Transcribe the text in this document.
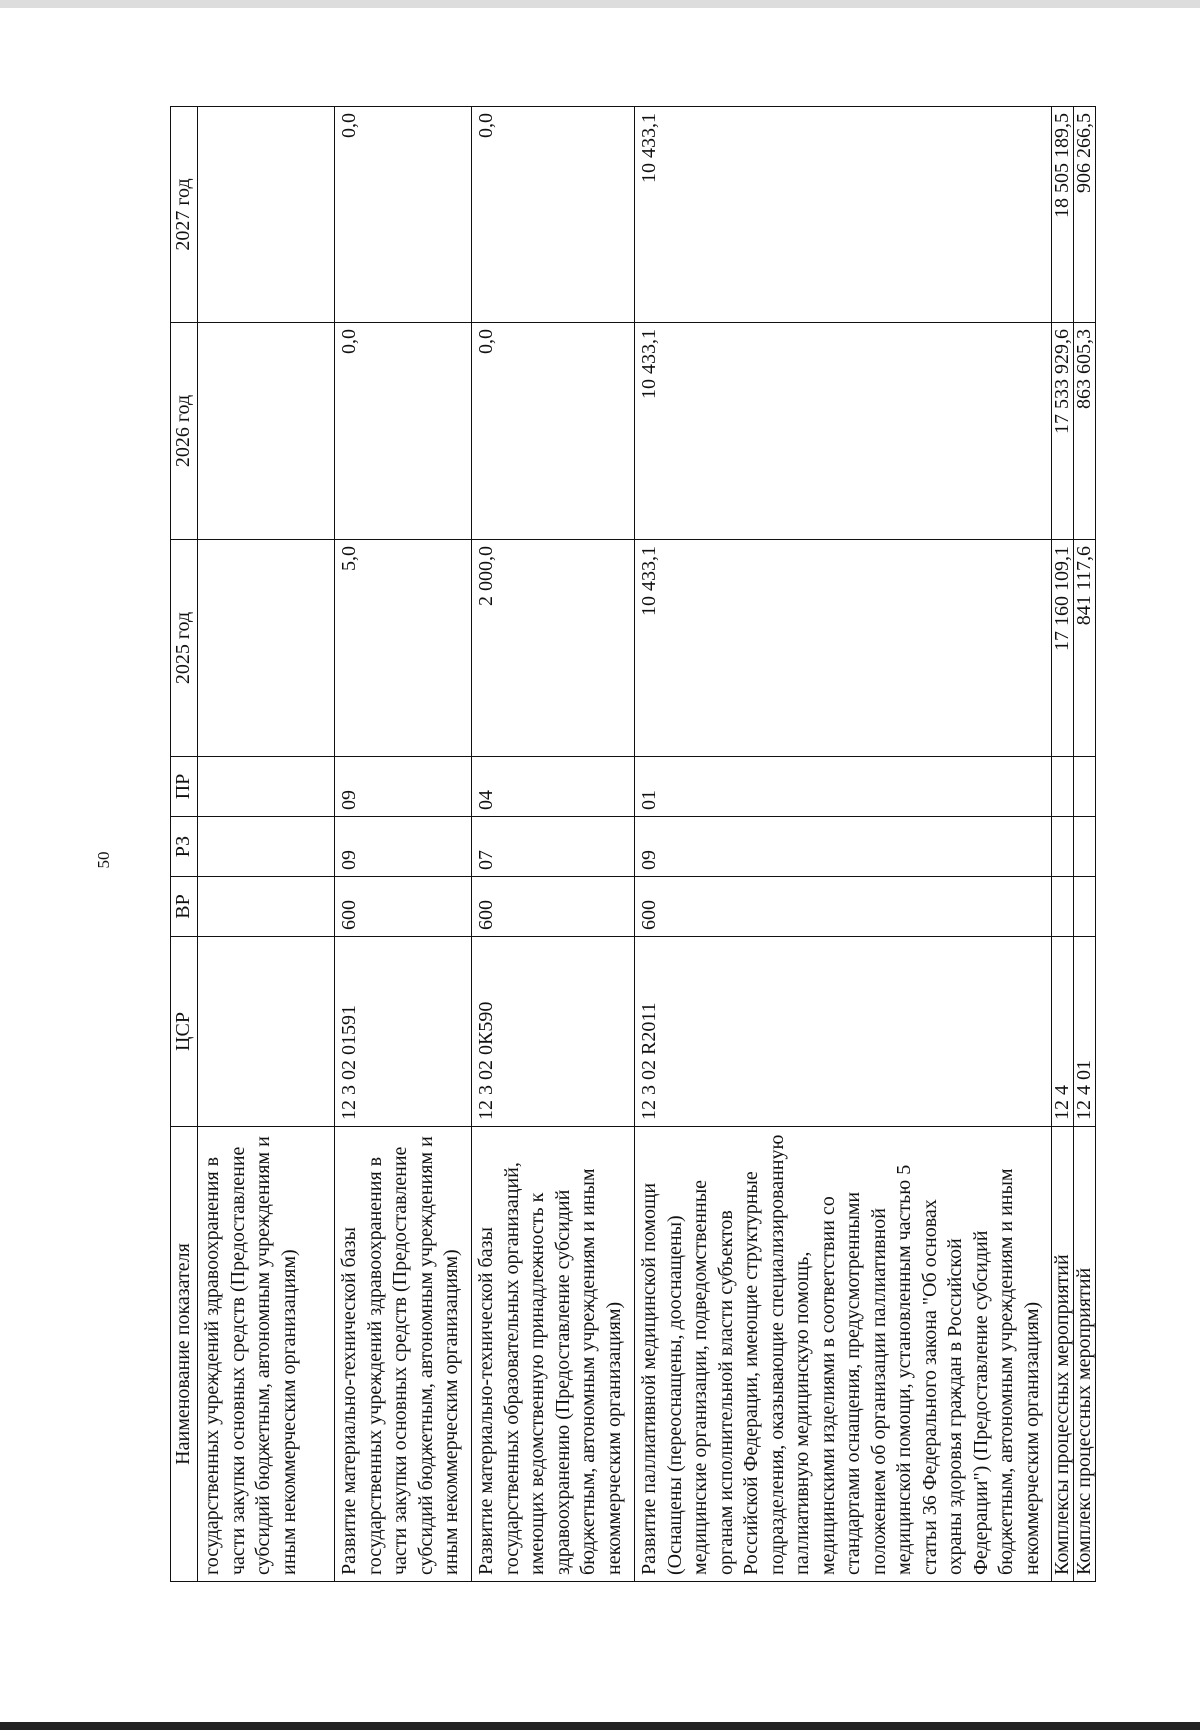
50
Наименование показателя	ЦСР	ВР	РЗ	ПР	2025 год	2026 год	2027 год
государственных учреждений здравоохранения в части закупки основных средств (Предоставление субсидий бюджетным, автономным учреждениям и иным некоммерческим организациям)							
Развитие материально-технической базы государственных учреждений здравоохранения в части закупки основных средств (Предоставление субсидий бюджетным, автономным учреждениям и иным некоммерческим организациям)	12 3 02 01591	600	09	09	5,0	0,0	0,0
Развитие материально-технической базы государственных образовательных организаций, имеющих ведомственную принадлежность к здравоохранению (Предоставление субсидий бюджетным, автономным учреждениям и иным некоммерческим организациям)	12 3 02 0К590	600	07	04	2 000,0	0,0	0,0
Развитие паллиативной медицинской помощи (Оснащены (переоснащены, дооснащены) медицинские организации, подведомственные органам исполнительной власти субъектов Российской Федерации, имеющие структурные подразделения, оказывающие специализированную паллиативную медицинскую помощь, медицинскими изделиями в соответствии со стандартами оснащения, предусмотренными положением об организации паллиативной медицинской помощи, установленным частью 5 статьи 36 Федерального закона "Об основах охраны здоровья граждан в Российской Федерации") (Предоставление субсидий бюджетным, автономным учреждениям и иным некоммерческим организациям)	12 3 02 R2011	600	09	01	10 433,1	10 433,1	10 433,1
Комплексы процессных мероприятий	12 4				17 160 109,1	17 533 929,6	18 505 189,5
Комплекс процессных мероприятий	12 4 01				841 117,6	863 605,3	906 266,5
